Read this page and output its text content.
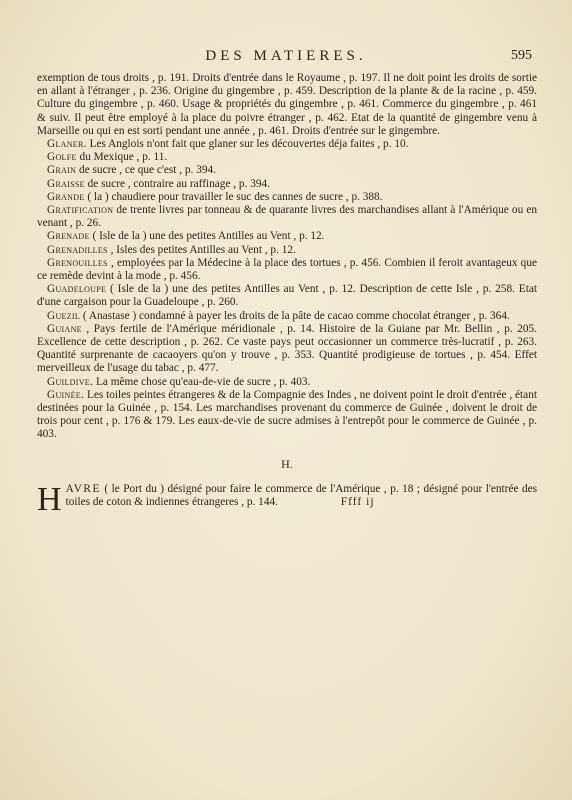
DES MATIERES.	595

exemption de tous droits , p. 191. Droits d'entrée dans le Royaume , p. 197. Il ne doit point les droits de sortie en allant à l'étranger , p. 236. Origine du gingembre , p. 459. Description de la plante & de la racine , p. 459. Culture du gingembre , p. 460. Usage & propriétés du gingembre , p. 461. Commerce du gingembre , p. 461 & suiv. Il peut être employé à la place du poivre étranger , p. 462. Etat de la quantité de gingembre venu à Marseille ou qui en est sorti pendant une année , p. 461. Droits d'entrée sur le gingembre.

Glaner. Les Anglois n'ont fait que glaner sur les découvertes déja faites , p. 10.

Golfe du Mexique , p. 11.

Grain de sucre , ce que c'est , p. 394.

Graisse de sucre , contraire au raffinage , p. 394.

Grande ( la ) chaudiere pour travailler le suc des cannes de sucre , p. 388.

Gratification de trente livres par tonneau & de quarante livres des marchandises allant à l'Amérique ou en venant , p. 26.

Grenade ( Isle de la ) une des petites Antilles au Vent , p. 12.

Grenadilles , Isles des petites Antilles au Vent , p. 12.

Grenouilles , employées par la Médecine à la place des tortues , p. 456. Combien il feroit avantageux que ce remède devint à la mode , p. 456.

Guadeloupe ( Isle de la ) une des petites Antilles au Vent , p. 12. Description de cette Isle , p. 258. Etat d'une cargaison pour la Guadeloupe , p. 260.

Guezil ( Anastase ) condamné à payer les droits de la pâte de cacao comme chocolat étranger , p. 364.

Guiane , Pays fertile de l'Amérique méridionale , p. 14. Histoire de la Guiane par Mr. Bellin , p. 205. Excellence de cette description , p. 262. Ce vaste pays peut occasionner un commerce très-lucratif , p. 263. Quantité surprenante de cacaoyers qu'on y trouve , p. 353. Quantité prodigieuse de tortues , p. 454. Effet merveilleux de l'usage du tabac , p. 477.

Guildive. La même chose qu'eau-de-vie de sucre , p. 403.

Guinée. Les toiles peintes étrangeres & de la Compagnie des Indes , ne doivent point le droit d'entrée , étant destinées pour la Guinée , p. 154. Les marchandises provenant du commerce de Guinée , doivent le droit de trois pour cent , p. 176 & 179. Les eaux-de-vie de sucre admises à l'entrepôt pour le commerce de Guinée , p. 403.

H.

HAVRE ( le Port du ) désigné pour faire le commerce de l'Amérique , p. 18 ; désigné pour l'entrée des toiles de coton & indiennes étrangeres , p. 144.	Ffff ij
